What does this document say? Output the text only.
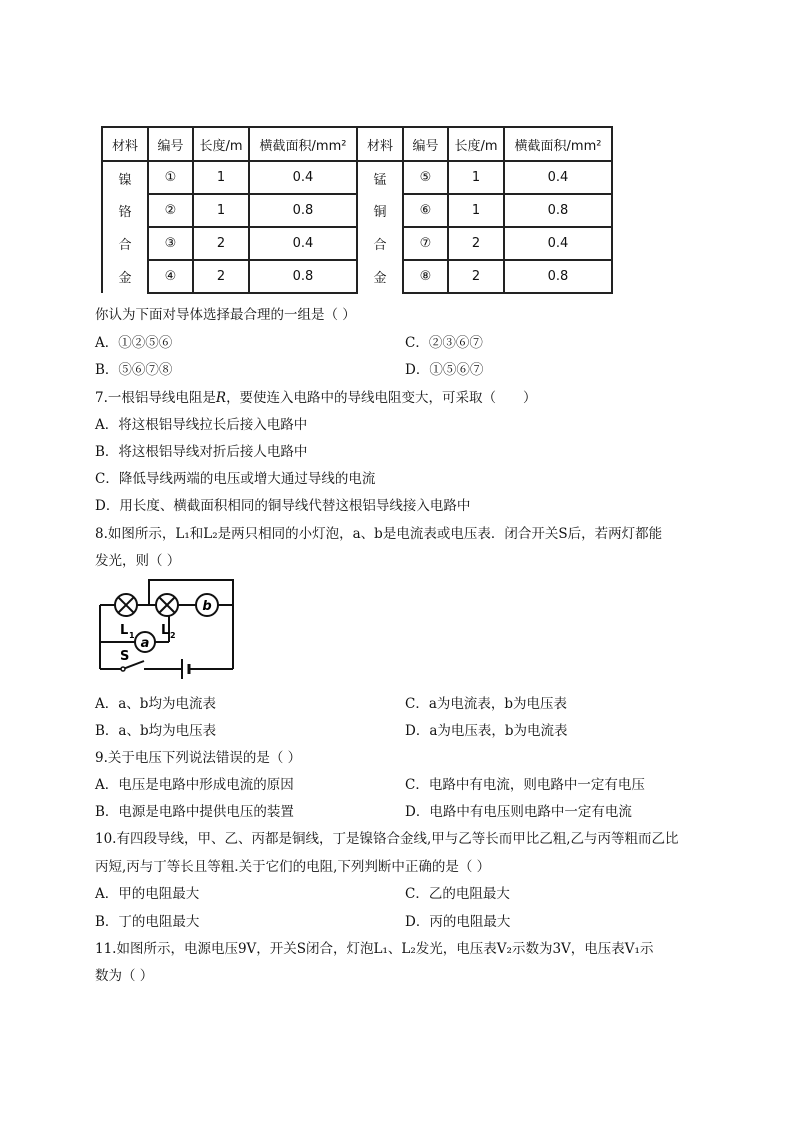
材料	编号	长度/m	横截面积/mm²	材料	编号	长度/m	横截面积/mm²
镍	①	1	0.4	锰	⑤	1	0.4
铬	②	1	0.8	铜	⑥	1	0.8
合	③	2	0.4	合	⑦	2	0.4
金	④	2	0.8	金	⑧	2	0.8
你认为下面对导体选择最合理的一组是（ ）
A．①②⑤⑥	C．②③⑥⑦
B．⑤⑥⑦⑧	D．①⑤⑥⑦
7.一根铝导线电阻是R，要使连入电路中的导线电阻变大，可采取（　　）
A．将这根铝导线拉长后接入电路中
B．将这根铝导线对折后接人电路中
C．降低导线两端的电压或增大通过导线的电流
D．用长度、横截面积相同的铜导线代替这根铝导线接入电路中
8.如图所示，L₁和L₂是两只相同的小灯泡，a、b是电流表或电压表．闭合开关S后，若两灯都能
发光，则（ ）
b
a
L 1 L 2
S
A．a、b均为电流表	C．a为电流表，b为电压表
B．a、b均为电压表	D．a为电压表，b为电流表
9.关于电压下列说法错误的是（ ）
A．电压是电路中形成电流的原因	C．电路中有电流，则电路中一定有电压
B．电源是电路中提供电压的装置	D．电路中有电压则电路中一定有电流
10.有四段导线，甲、乙、丙都是铜线，丁是镍铬合金线,甲与乙等长而甲比乙粗,乙与丙等粗而乙比
丙短,丙与丁等长且等粗.关于它们的电阻,下列判断中正确的是（ ）
A．甲的电阻最大	C．乙的电阻最大
B．丁的电阻最大	D．丙的电阻最大
11.如图所示，电源电压9V，开关S闭合，灯泡L₁、L₂发光，电压表V₂示数为3V，电压表V₁示
数为（ ）
